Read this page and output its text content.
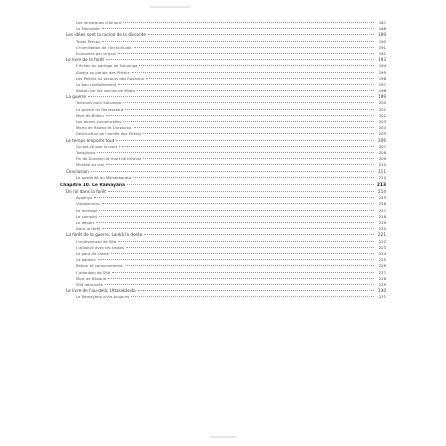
Les remarques d'Aïnora	187
Le Mausolée	188
Les idées sont la racine de la discorde	189
Tsuas Percou	190
L'humiliation de l'Archidruide	191
Économie par la paix	192
Le livre de la forêt	193
L'échec du partage de Saluanga	194
Aïnora au parloir des Phénix	195
Les Phénix au secours des Ravanna	196
Le bon ravitaillement	197
Raison sur les vaches de Wiata	198
La guerre	199
Tensions pour Saluanga	200
La guerre du Rorrassetra	201
Mort de Bhéon	202
Les armes surnaturelles	203
Morts de Rawna et Ourpoona	204
Destruction de l'armée des Phénix	205
Le temps emporte tout	206
Qu'est-ce que la mort ?	207
Tonsphora	208
Fin de Durankh et mort de Krishna	209
Montée au ciel	210
Conclusion	211
La postérité du Mahabharata	212
Chapitre 10. Le Râmayâna	213
Un roi dans la forêt	214
Ayodhya	215
Vishwamitra	216
Le mariage	217
Le complot	218
Le départ	219
Dans la forêt	220
La forêt de la guerre, Lankâ la dorée	221
L'enlèvement de Sîtâ	222
L'alliance avec les singes	223
Le pont de Lankâ	224
La bataille	225
Retour et couronnement	226
L'abandon de Sîtâ	227
Mort de Râvana	228
Sîtâ retrouvée	229
Le livre de l'au-delà, Uttarakânda	230
Le Râmayâna vivra toujours	231
